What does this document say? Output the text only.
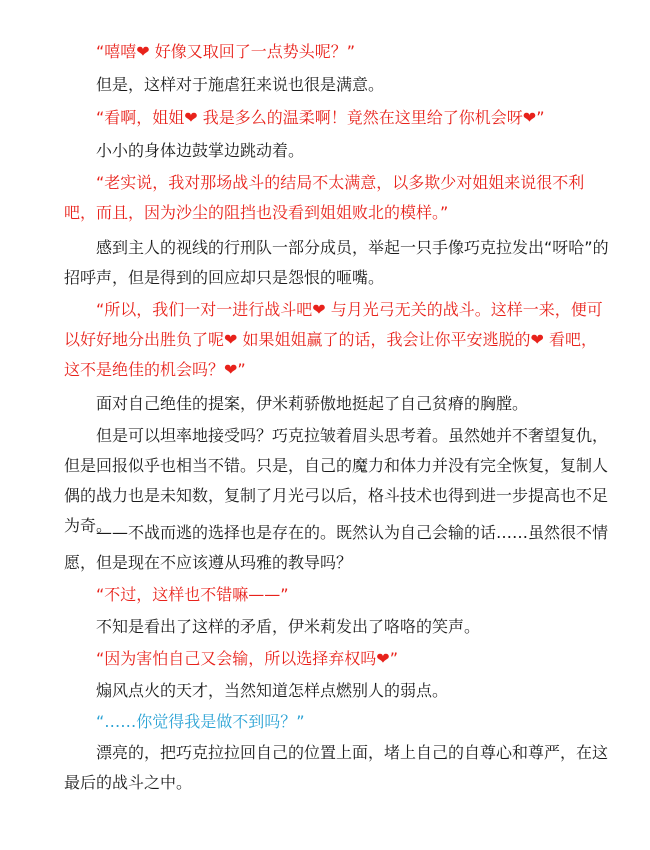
“嘻嘻❤ 好像又取回了一点势头呢？”

但是，这样对于施虐狂来说也很是满意。

“看啊，姐姐❤ 我是多么的温柔啊！竟然在这里给了你机会呀❤”

小小的身体边鼓掌边跳动着。

“老实说，我对那场战斗的结局不太满意，以多欺少对姐姐来说很不利吧，而且，因为沙尘的阻挡也没看到姐姐败北的模样。”

感到主人的视线的行刑队一部分成员，举起一只手像巧克拉发出“呀哈”的招呼声，但是得到的回应却只是怨恨的咂嘴。

“所以，我们一对一进行战斗吧❤ 与月光弓无关的战斗。这样一来，便可以好好地分出胜负了呢❤ 如果姐姐赢了的话，我会让你平安逃脱的❤ 看吧，这不是绝佳的机会吗？❤”

面对自己绝佳的提案，伊米莉骄傲地挺起了自己贫瘠的胸膛。

但是可以坦率地接受吗？巧克拉皱着眉头思考着。虽然她并不奢望复仇，但是回报似乎也相当不错。只是，自己的魔力和体力并没有完全恢复，复制人偶的战力也是未知数，复制了月光弓以后，格斗技术也得到进一步提高也不足为奇。

——不战而逃的选择也是存在的。既然认为自己会输的话……虽然很不情愿，但是现在不应该遵从玛雅的教导吗？

“不过，这样也不错嘛——”

不知是看出了这样的矛盾，伊米莉发出了咯咯的笑声。

“因为害怕自己又会输，所以选择弃权吗❤”

煽风点火的天才，当然知道怎样点燃别人的弱点。

“……你觉得我是做不到吗？”

漂亮的，把巧克拉拉回自己的位置上面，堵上自己的自尊心和尊严，在这最后的战斗之中。
